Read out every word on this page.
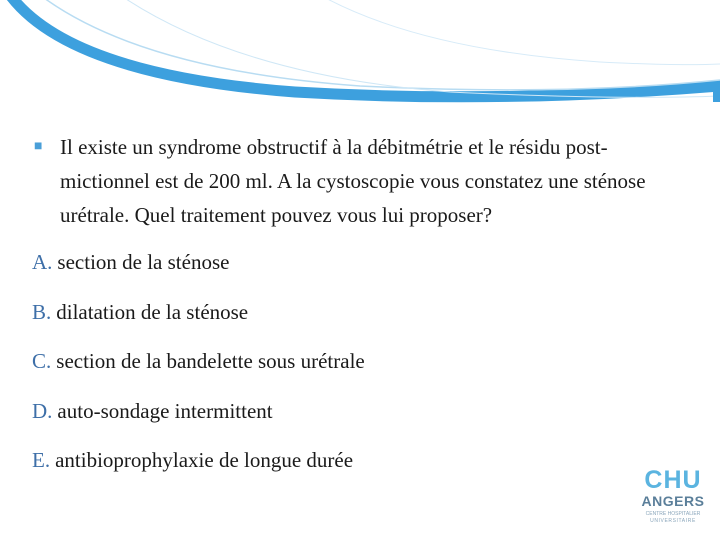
■ Il existe un syndrome obstructif à la débitmétrie et le résidu post-mictionnel est de 200 ml. A la cystoscopie vous constatez une sténose urétrale. Quel traitement pouvez vous lui proposer?
A. section de la sténose
B. dilatation de la sténose
C. section de la bandelette sous urétrale
D. auto-sondage intermittent
E. antibioprophylaxie de longue durée
CHU
ANGERS
CENTRE HOSPITALIER
UNIVERSITAIRE
